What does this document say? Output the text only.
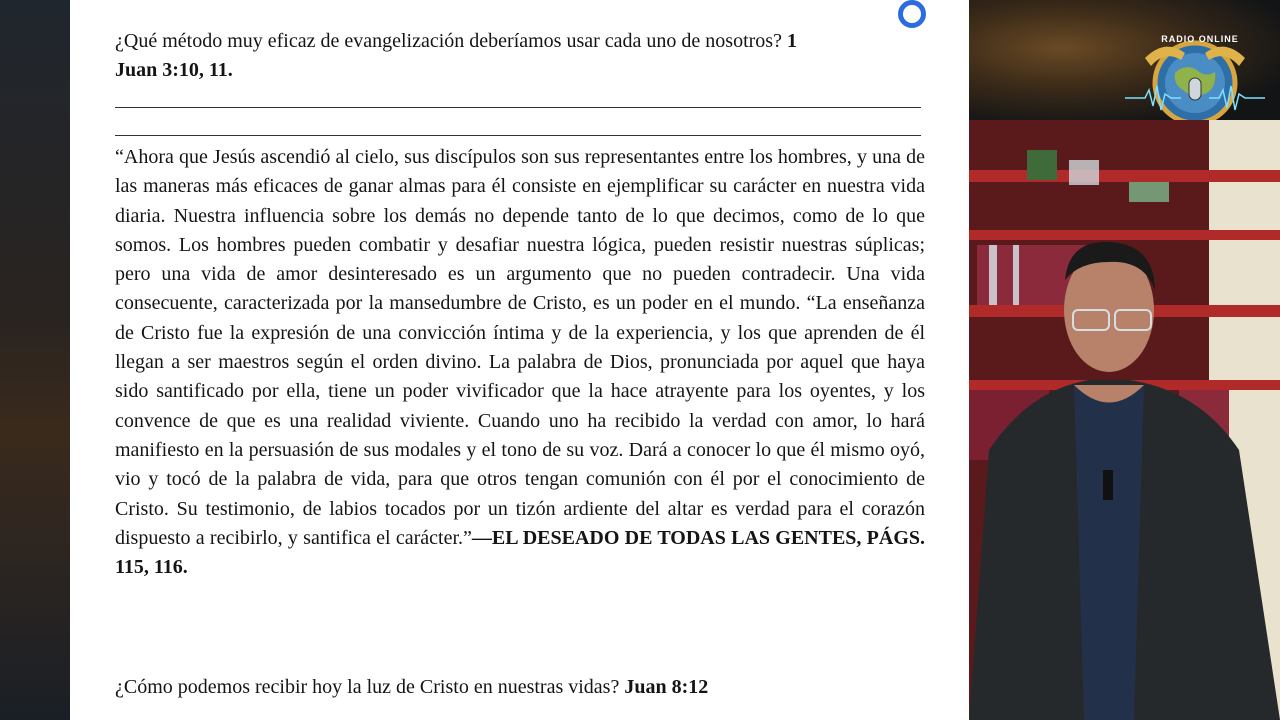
¿Qué método muy eficaz de evangelización deberíamos usar cada uno de nosotros? 1
Juan 3:10, 11.
“Ahora que Jesús ascendió al cielo, sus discípulos son sus representantes entre los hombres, y una de las maneras más eficaces de ganar almas para él consiste en ejemplificar su carácter en nuestra vida diaria. Nuestra influencia sobre los demás no depende tanto de lo que decimos, como de lo que somos. Los hombres pueden combatir y desafiar nuestra lógica, pueden resistir nuestras súplicas; pero una vida de amor desinteresado es un argumento que no pueden contradecir. Una vida consecuente, caracterizada por la mansedumbre de Cristo, es un poder en el mundo. “La enseñanza de Cristo fue la expresión de una convicción íntima y de la experiencia, y los que aprenden de él llegan a ser maestros según el orden divino. La palabra de Dios, pronunciada por aquel que haya sido santificado por ella, tiene un poder vivificador que la hace atrayente para los oyentes, y los convence de que es una realidad viviente. Cuando uno ha recibido la verdad con amor, lo hará manifiesto en la persuasión de sus modales y el tono de su voz. Dará a conocer lo que él mismo oyó, vio y tocó de la palabra de vida, para que otros tengan comunión con él por el conocimiento de Cristo. Su testimonio, de labios tocados por un tizón ardiente del altar es verdad para el corazón dispuesto a recibirlo, y santifica el carácter.”—EL DESEADO DE TODAS LAS GENTES, PÁGS. 115, 116.
¿Cómo podemos recibir hoy la luz de Cristo en nuestras vidas? Juan 8:12
RADIO ONLINE
